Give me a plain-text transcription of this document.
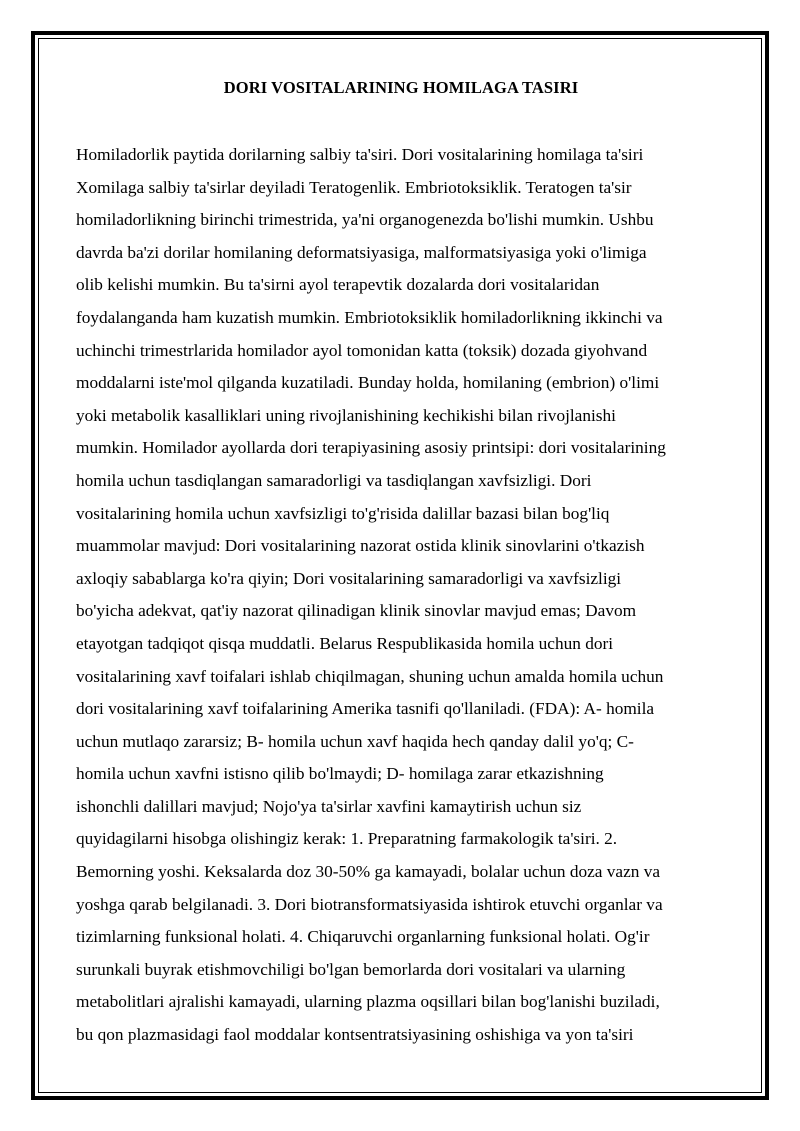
DORI VOSITALARINING HOMILAGA TASIRI
Homiladorlik paytida dorilarning salbiy ta'siri. Dori vositalarining homilaga ta'siri
Xomilaga salbiy ta'sirlar deyiladi Teratogenlik. Embriotoksiklik. Teratogen ta'sir
homiladorlikning birinchi trimestrida, ya'ni organogenezda bo'lishi mumkin. Ushbu
davrda ba'zi dorilar homilaning deformatsiyasiga, malformatsiyasiga yoki o'limiga
olib kelishi mumkin. Bu ta'sirni ayol terapevtik dozalarda dori vositalaridan
foydalanganda ham kuzatish mumkin. Embriotoksiklik homiladorlikning ikkinchi va
uchinchi trimestrlarida homilador ayol tomonidan katta (toksik) dozada giyohvand
moddalarni iste'mol qilganda kuzatiladi. Bunday holda, homilaning (embrion) o'limi
yoki metabolik kasalliklari uning rivojlanishining kechikishi bilan rivojlanishi
mumkin. Homilador ayollarda dori terapiyasining asosiy printsipi: dori vositalarining
homila uchun tasdiqlangan samaradorligi va tasdiqlangan xavfsizligi. Dori
vositalarining homila uchun xavfsizligi to'g'risida dalillar bazasi bilan bog'liq
muammolar mavjud: Dori vositalarining nazorat ostida klinik sinovlarini o'tkazish
axloqiy sabablarga ko'ra qiyin; Dori vositalarining samaradorligi va xavfsizligi
bo'yicha adekvat, qat'iy nazorat qilinadigan klinik sinovlar mavjud emas; Davom
etayotgan tadqiqot qisqa muddatli. Belarus Respublikasida homila uchun dori
vositalarining xavf toifalari ishlab chiqilmagan, shuning uchun amalda homila uchun
dori vositalarining xavf toifalarining Amerika tasnifi qo'llaniladi. (FDA): A- homila
uchun mutlaqo zararsiz; B- homila uchun xavf haqida hech qanday dalil yo'q; C-
homila uchun xavfni istisno qilib bo'lmaydi; D- homilaga zarar etkazishning
ishonchli dalillari mavjud; Nojo'ya ta'sirlar xavfini kamaytirish uchun siz
quyidagilarni hisobga olishingiz kerak: 1. Preparatning farmakologik ta'siri. 2.
Bemorning yoshi. Keksalarda doz 30-50% ga kamayadi, bolalar uchun doza vazn va
yoshga qarab belgilanadi. 3. Dori biotransformatsiyasida ishtirok etuvchi organlar va
tizimlarning funksional holati. 4. Chiqaruvchi organlarning funksional holati. Og'ir
surunkali buyrak etishmovchiligi bo'lgan bemorlarda dori vositalari va ularning
metabolitlari ajralishi kamayadi, ularning plazma oqsillari bilan bog'lanishi buziladi,
bu qon plazmasidagi faol moddalar kontsentratsiyasining oshishiga va yon ta'siri
